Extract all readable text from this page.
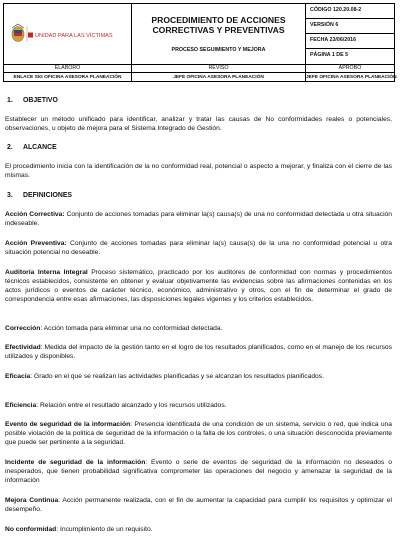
UNIDAD PARA LAS VÍCTIMAS
PROCEDIMIENTO DE ACCIONES
CORRECTIVAS Y PREVENTIVAS
PROCESO SEGUIMIENTO Y MEJORA
CÓDIGO 120.20.08-2
VERSIÓN 6
FECHA 23/06/2016
PÁGINA 1 DE 5
ELABORÓ
ENLACE SIG OFICINA ASESORA PLANEACIÓN
REVISÓ
JEFE OFICINA ASESORA PLANEACIÓN
APROBÓ
JEFE OFICINA ASESORA PLANEACIÓN
1. OBJETIVO
Establecer un método unificado para identificar, analizar y tratar las causas de No conformidades reales o potenciales, observaciones, u objeto de mejora para el Sistema Integrado de Gestión.
2. ALCANCE
El procedimiento inicia con la identificación de la no conformidad real, potencial o aspecto a mejorar, y finaliza con el cierre de las mismas.
3. DEFINICIONES
Acción Correctiva: Conjunto de acciones tomadas para eliminar la(s) causa(s) de una no conformidad detectada u otra situación indeseable.
Acción Preventiva: Conjunto de acciones tomadas para eliminar la(s) causa(s) de la una no conformidad potencial u otra situación potencial no deseable.
Auditoría Interna Integral Proceso sistemático, practicado por los auditores de conformidad con normas y procedimientos técnicos establecidos, consistente en obtener y evaluar objetivamente las evidencias sobre las afirmaciones contenidas en los actos jurídicos o eventos de carácter técnico, económico, administrativo y otros, con el fin de determinar el grado de correspondencia entre esas afirmaciones, las disposiciones legales vigentes y los criterios establecidos.
Corrección: Acción tomada para eliminar una no conformidad detectada.
Efectividad: Medida del impacto de la gestión tanto en el logro de los resultados planificados, como en el manejo de los recursos utilizados y disponibles.
Eficacia: Grado en el que se realizan las actividades planificadas y se alcanzan los resultados planificados.
Eficiencia: Relación entre el resultado alcanzado y los recursos utilizados.
Evento de seguridad de la información: Presencia identificada de una condición de un sistema, servicio o red, que indica una posible violación de la política de seguridad de la información o la falla de los controles, o una situación desconocida previamente que puede ser pertinente a la seguridad.
Incidente de seguridad de la información: Evento o serie de eventos de seguridad de la información no deseados o inesperados, que tienen probabilidad significativa comprometer las operaciones del negocio y amenazar la seguridad de la información
Mejora Continua: Acción permanente realizada, con el fin de aumentar la capacidad para cumplir los requisitos y optimizar el desempeño.
No conformidad: Incumplimiento de un requisito.
